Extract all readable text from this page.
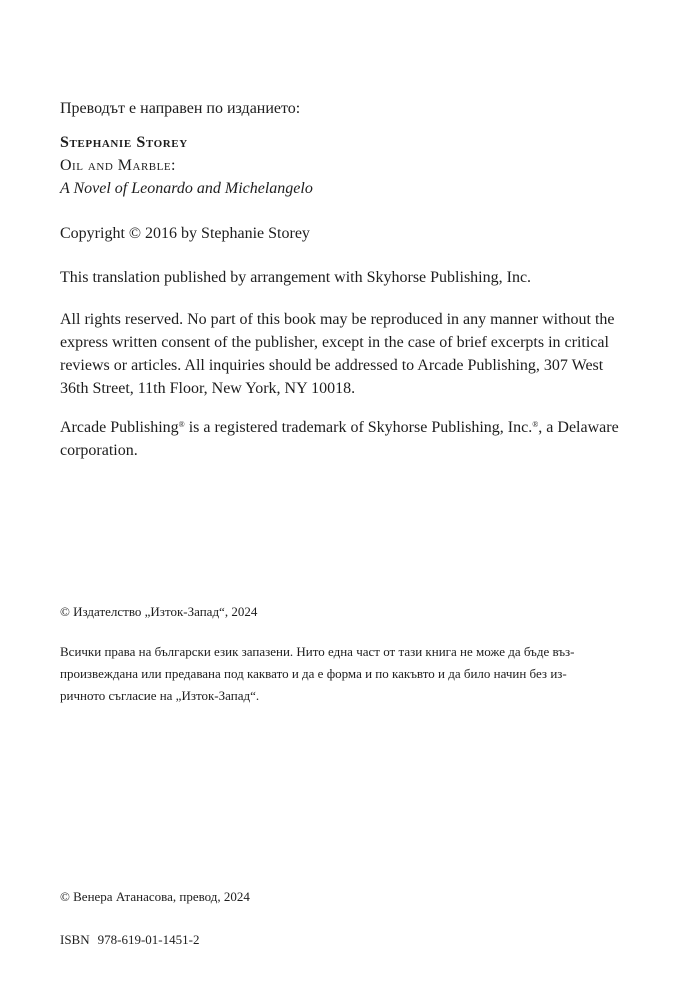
Преводът е направен по изданието:

Stephanie Storey
Oil and Marble:
A Novel of Leonardo and Michelangelo

Copyright © 2016 by Stephanie Storey

This translation published by arrangement with Skyhorse Publishing, Inc.

All rights reserved. No part of this book may be reproduced in any manner without the
express written consent of the publisher, except in the case of brief excerpts in critical
reviews or articles. All inquiries should be addressed to Arcade Publishing, 307 West
36th Street, 11th Floor, New York, NY 10018.
Arcade Publishing® is a registered trademark of Skyhorse Publishing, Inc.®, a Delaware
corporation.

© Издателство „Изток-Запад“, 2024

Всички права на български език запазени. Нито една част от тази книга не може да бъде въз-
произвеждана или предавана под каквато и да е форма и по какъвто и да било начин без из-
ричното съгласие на „Изток-Запад“.

© Венера Атанасова, превод, 2024

ISBN 978-619-01-1451-2
